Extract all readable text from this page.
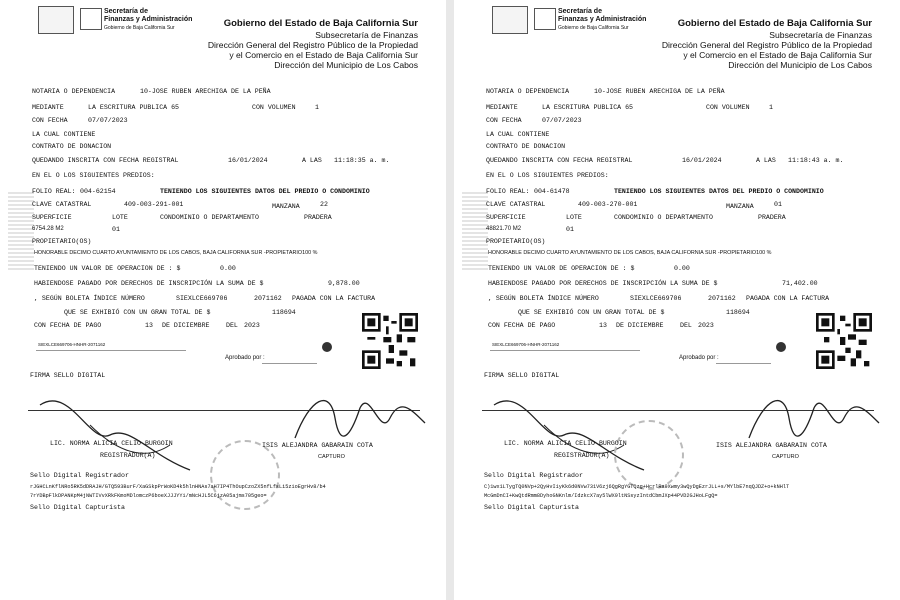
Secretaría de
Finanzas y Administración
Gobierno de Baja California Sur	Gobierno del Estado de Baja California Sur
Subsecretaría de Finanzas
Dirección General del Registro Público de la Propiedad
y el Comercio en el Estado de Baja California Sur
Dirección del Municipio de Los Cabos
NOTARIA O DEPENDENCIA	10-JOSE RUBEN ARECHIGA DE LA PEÑA
MEDIANTE	LA ESCRITURA PUBLICA 65	CON VOLUMEN	1
CON FECHA	07/07/2023
LA CUAL CONTIENE
CONTRATO DE DONACION
QUEDANDO INSCRITA CON FECHA REGISTRAL	16/01/2024	A LAS 11:18:35 a. m.
EN EL O LOS SIGUIENTES PREDIOS:
FOLIO REAL: 004-62154	TENIENDO LOS SIGUIENTES DATOS DEL PREDIO O CONDOMINIO
CLAVE CATASTRAL	409-003-291-001	MANZANA	22
SUPERFICIE	LOTE	CONDOMINIO O DEPARTAMENTO	PRADERA
6754.28 M2	01
PROPIETARIO(OS)
HONORABLE DECIMO CUARTO AYUNTAMIENTO DE LOS CABOS, BAJA CALIFORNIA SUR -PROPIETARIO100 %
TENIENDO UN VALOR DE OPERACION DE : $	0.00
HABIENDOSE PAGADO POR DERECHOS DE INSCRIPCIÓN LA SUMA DE $	9,878.00
, SEGÚN BOLETA ÍNDICE NÚMERO	SIEXLCE669706	2071162 PAGADA CON LA FACTURA
QUE SE EXHIBIÓ CON UN GRAN TOTAL DE $	118694
CON FECHA DE PAGO	13 DE DICIEMBRE	DEL 2023
SIEXLCE669706-HNHR-2071162
Aprobado por :
FIRMA SELLO DIGITAL
LIC. NORMA ALICIA CELIO BURGOIN
REGISTRADOR(A)
ISIS ALEJANDRA GABARAIN COTA
CAPTURO
Sello Digital Registrador
rJGHCLnKflNRo5RK5dDRAJH/GTQ593BurF/XaGSkpPrWoKD4k5hlnHNAs7aH7IP4ThOupCzoZX5nfLfsLi5zioEgrHv8/b4
7rYDBpFlkDPANKpM4jNWTIVvXRkFKmoMDlomczP6boeXJJJYYi/mNcHJL5C6jzA05ajms705geo=
Sello Digital Capturista
Secretaría de
Finanzas y Administración
Gobierno de Baja California Sur	Gobierno del Estado de Baja California Sur
Subsecretaría de Finanzas
Dirección General del Registro Público de la Propiedad
y el Comercio en el Estado de Baja California Sur
Dirección del Municipio de Los Cabos
NOTARIA O DEPENDENCIA	10-JOSE RUBEN ARECHIGA DE LA PEÑA
MEDIANTE	LA ESCRITURA PUBLICA 65	CON VOLUMEN	1
CON FECHA	07/07/2023
LA CUAL CONTIENE
CONTRATO DE DONACION
QUEDANDO INSCRITA CON FECHA REGISTRAL	16/01/2024	A LAS 11:18:43 a. m.
EN EL O LOS SIGUIENTES PREDIOS:
FOLIO REAL: 004-61478	TENIENDO LOS SIGUIENTES DATOS DEL PREDIO O CONDOMINIO
CLAVE CATASTRAL	409-003-270-001	MANZANA	01
SUPERFICIE	LOTE	CONDOMINIO O DEPARTAMENTO	PRADERA
48821.70 M2	01
PROPIETARIO(OS)
HONORABLE DECIMO CUARTO AYUNTAMIENTO DE LOS CABOS, BAJA CALIFORNIA SUR -PROPIETARIO100 %
TENIENDO UN VALOR DE OPERACION DE : $	0.00
HABIENDOSE PAGADO POR DERECHOS DE INSCRIPCIÓN LA SUMA DE $	71,402.00
, SEGÚN BOLETA ÍNDICE NÚMERO	SIEXLCE669706	2071162 PAGADA CON LA FACTURA
QUE SE EXHIBIÓ CON UN GRAN TOTAL DE $	118694
CON FECHA DE PAGO	13 DE DICIEMBRE	DEL 2023
SIEXLCE669706-HNHR-2071162
Aprobado por :
FIRMA SELLO DIGITAL
LIC. NORMA ALICIA CELIO BURGOIN
REGISTRADOR(A)
ISIS ALEJANDRA GABARAIN COTA
CAPTURO
Sello Digital Registrador
C)1wx1LTygTQ0NVp+2QyHvIiyKk6d0NVw731V6zj6QgRgYGTQzg+HcrlRa9Xwmy3wQyDgEzrJLL+s/MYlbE7nqQJDZ+o+kNHlT
McGmDnCI+KwQtdRmm8DyhoGNKnlm/IdzkcX7ay5lWX9ltNSsyzIntdCbmJXp44PVD2GJHoLFgQ=
Sello Digital Capturista
